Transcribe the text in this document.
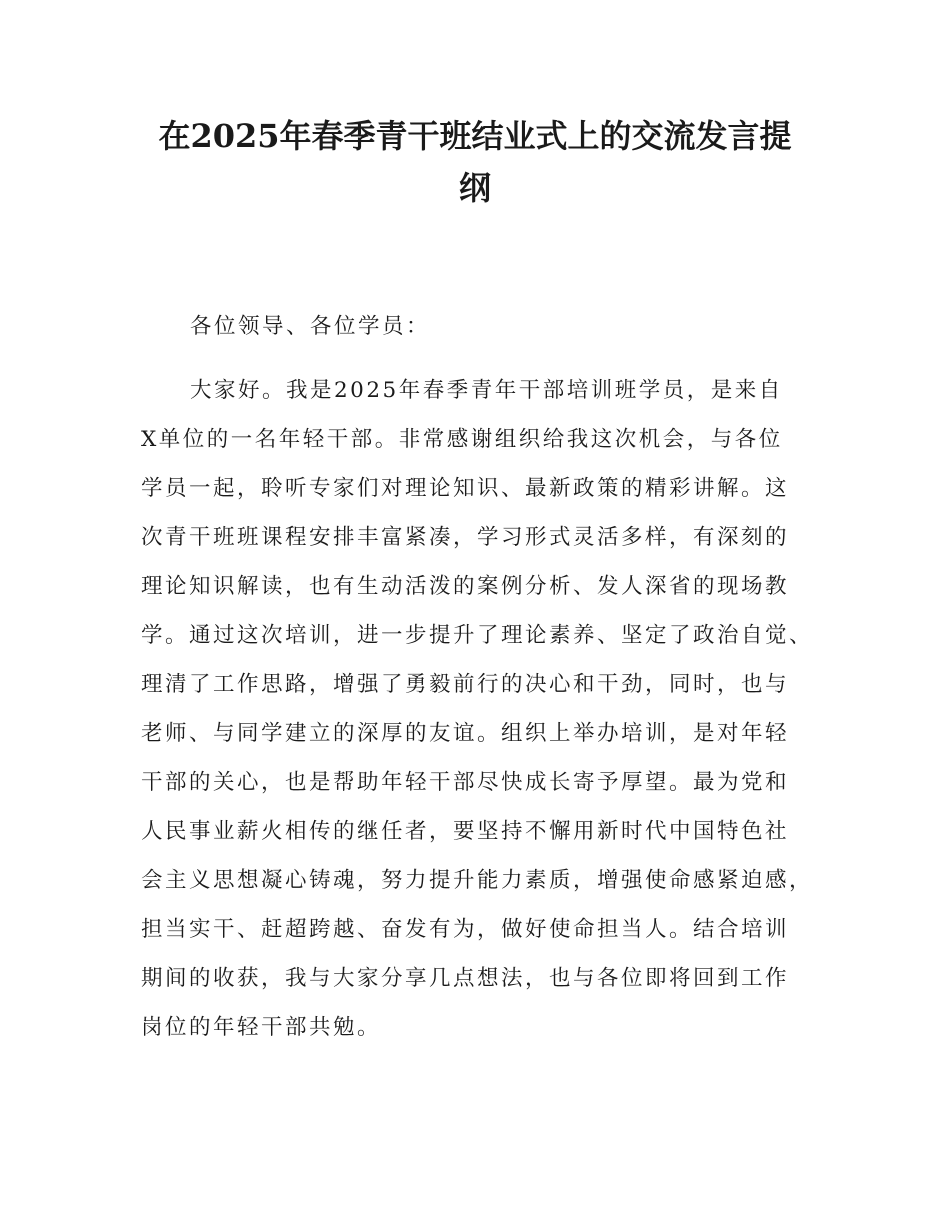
在2025年春季青干班结业式上的交流发言提
纲
各位领导、各位学员：
大家好。我是2025年春季青年干部培训班学员，是来自
X单位的一名年轻干部。非常感谢组织给我这次机会，与各位
学员一起，聆听专家们对理论知识、最新政策的精彩讲解。这
次青干班班课程安排丰富紧凑，学习形式灵活多样，有深刻的
理论知识解读，也有生动活泼的案例分析、发人深省的现场教
学。通过这次培训，进一步提升了理论素养、坚定了政治自觉、
理清了工作思路，增强了勇毅前行的决心和干劲，同时，也与
老师、与同学建立的深厚的友谊。组织上举办培训，是对年轻
干部的关心，也是帮助年轻干部尽快成长寄予厚望。最为党和
人民事业薪火相传的继任者，要坚持不懈用新时代中国特色社
会主义思想凝心铸魂，努力提升能力素质，增强使命感紧迫感，
担当实干、赶超跨越、奋发有为，做好使命担当人。结合培训
期间的收获，我与大家分享几点想法，也与各位即将回到工作
岗位的年轻干部共勉。
